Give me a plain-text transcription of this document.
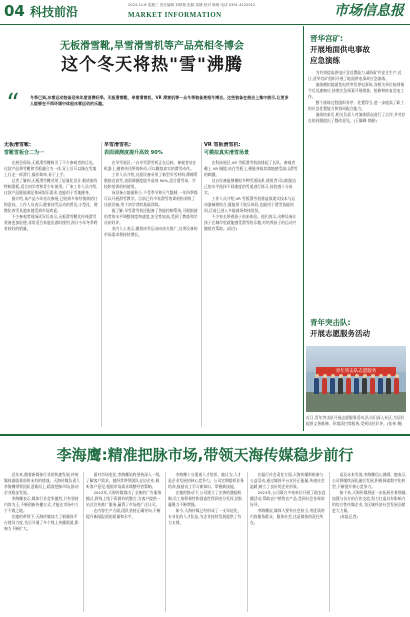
04 科技前沿	2024-11-6 星期三 责任编辑 刘舒瑞 组版 周静 校对 韩明 电话 0391-4122912
MARKET INFORMATION	市场信息报
无板滑雪靴,旱雪滑雪机等产品亮相冬博会
这个冬天将热"雪"沸腾
“	冬季已到,冰雪运动装备迎来年度消费旺季。无板滑雪靴、旱雪滑雪机、VR 滑雪机等一众冬季装备亮相冬博会。这些装备在展会上集中展示,让更多人能够在不同环境中体验冰雪运动的乐趣。
无板滑雪靴:
雪靴雪板合二为一

在展会现场,无板滑雪靴吸引了不少参观者的目光。这款产品将雪靴和雪板融合为一体,穿上后可以像在雪地上行走一样滑行,操作简单,易于上手。

记者了解到,无板滑雪靴采用了轻量化设计,鞋底嵌有特制滑板,适合初学者和青少年使用。厂家工作人员介绍,这款产品既能满足休闲娱乐需求,也能用于雪地健身。

据介绍,该产品今年首次参展,已收到多家经销商的订购意向。工作人员表示,随着冰雪运动的普及,小型化、便携化的雪具越来越受到市场欢迎。

不少参观者现场试穿后表示,无板滑雪靴比传统滑雪装备更加轻便,非常适合家庭出游时使用,预计今年冬季将有较好的销量。

旱雪滑雪机:
表面调测度提升高效 90%

在旱雪展区,一台旱雪滑雪机正在运转。参观者站在机器上,随着传送带的转动,可以模拟真实的滑雪动作。

工作人员介绍,这款设备采用了新型旱雪材料,摩擦系数接近真雪,表面调测度提升高效 90%,适合滑雪场、学校和培训机构使用。

该设备占地面积小,不受季节和天气限制,一年四季都可以开展滑雪教学。目前已有多家滑雪培训机构采购了这款设备,用于初学者的基础训练。

据了解,旱雪滑雪机还配备了智能控制系统,可根据使用者的水平调整坡度和速度,安全性较高,受到了教练和学员的好评。

业内人士表示,随着冰雪运动向南方推广,这类设备的市场需求将持续增长。

VR 雪板滑雪机:
可模拟真实滑雪场景

在科技展区,VR 雪板滑雪机前排起了长队。参观者戴上 VR 眼镜,站在雪板上,便能身临其境地感受高山滑雪的刺激。

这台设备能够模拟多种雪道场景,使用者可以根据自己的水平选择不同难度的雪道进行练习,体验感十分真实。

工作人员介绍,VR 雪板滑雪机将虚拟现实技术与运动器械相结合,既能用于娱乐体验,也能用于滑雪技能培训,目前已进入多地商场和体验馆。

不少家长带着孩子前来体验。他们表示,这种设备让孩子在城市里就能感受滑雪的乐趣,对培养孩子的运动兴趣很有帮助。(综合)

晋华宫矿:
开展地面供电事故
应急演练

为有效提高供电应急处置能力,确保矿井安全生产,近日,晋华宫矿组织开展了地面供电事故应急演练。

演练模拟地面变电所突发停电事故,各相关单位接到指令后迅速响应,按照应急预案开展排查、抢修和恢复送电工作。

整个演练过程组织有序、处置得当,进一步提高了职工的应急处置能力和协同配合能力。

演练结束后,相关负责人对演练情况进行了点评,并对存在的问题提出了整改意见。(王雄峰 徐静)

青年突击队:
开展志愿服务活动
青年突击队志愿服务
近日,青年突击队开展志愿服务活动,队员们深入社区,为居民提供义务维修、环境清扫等服务,受到居民好评。(张伟 摄)
李海鹰:精准把脉市场,带领天海传媒稳步前行

近年来,随着新媒体行业的快速发展,传统媒体面临着前所未有的挑战。天海传媒负责人李海鹰带领团队迎难而上,精准把脉市场,推动企业稳步发展。

李海鹰表示,媒体行业竞争激烈,只有坚持内容为王,不断创新传播方式,才能在市场中立于不败之地。

在她的带领下,天海传媒加大了新媒体平台建设力度,先后开通了多个线上传播渠道,影响力不断扩大。

面对市场变化,李海鹰始终坚持深入一线,了解客户需求。她经常带领团队走访企业,倾听客户意见,根据市场需求调整经营策略。

2022年,天海传媒推出了全新的广告服务模式,将线上线下资源有机整合,为客户提供一站式宣传推广服务,赢得了市场的广泛认可。

在内容生产方面,团队坚持正确导向,不断提升新闻报道的质量和水平。

李海鹰十分重视人才培养。她认为,人才是企业发展的核心竞争力。公司定期组织业务培训,鼓励员工学习新知识、掌握新技能。

在她的推动下,公司建立了完善的激励机制,员工的积极性和创造性得到充分发挥,团队凝聚力不断增强。

如今,天海传媒已经形成了一支年轻化、专业化的人才队伍,为企业持续发展提供了有力支撑。

在履行社会责任方面,天海传媒积极参与公益活动,通过媒体平台宣传正能量,传递社会温暖,树立了良好的企业形象。

2023年,公司联合多家单位开展了助农直播活动,帮助农户销售农产品,受到社会各界的好评。

李海鹰说,媒体人要有社会担当,用优质的内容服务群众、服务社会,这是媒体的责任所在。

谈及未来发展,李海鹰信心满满。她表示,公司将继续深化融合发展,积极探索数字化转型,不断提升核心竞争力。

接下来,天海传媒将进一步拓展业务领域,加强与各方的合作交流,努力打造具有影响力的综合性传媒企业,为区域经济社会发展贡献更大力量。

(本报记者)
